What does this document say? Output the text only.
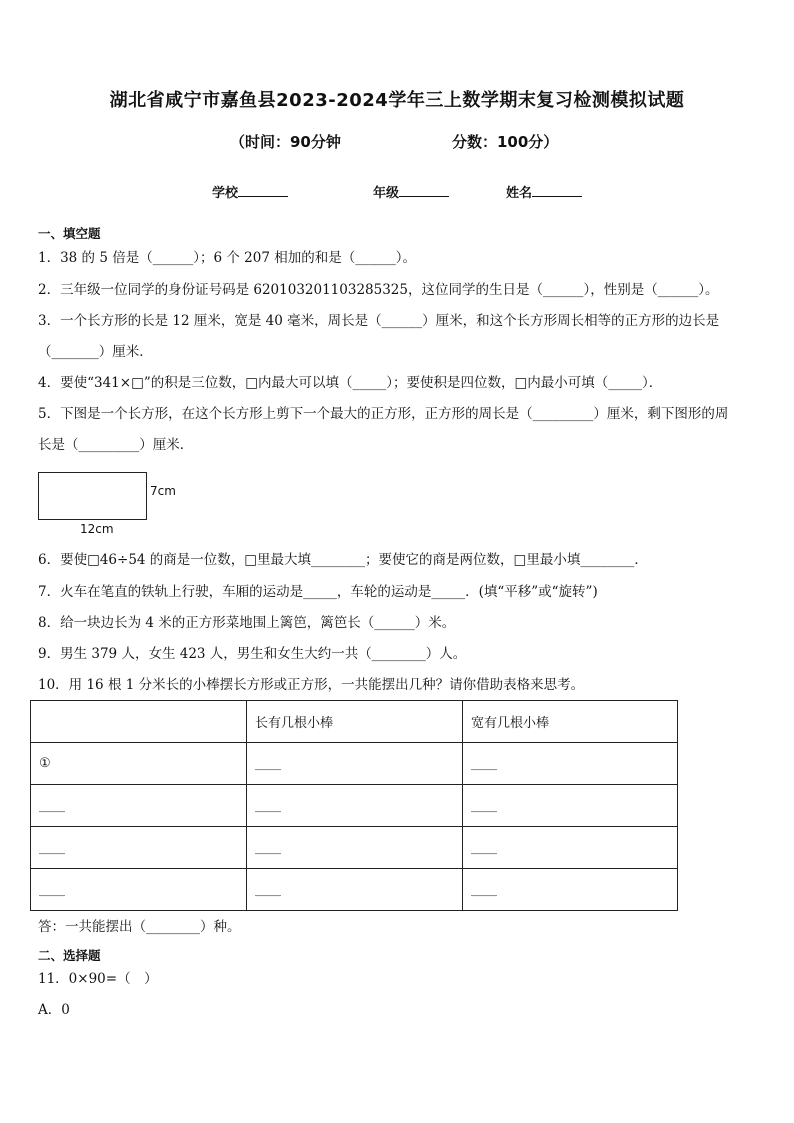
湖北省咸宁市嘉鱼县2023-2024学年三上数学期末复习检测模拟试题
（时间：90分钟	分数：100分）
学校	年级	姓名
一、填空题
1．38 的 5 倍是（______）；6 个 207 相加的和是（______）。
2．三年级一位同学的身份证号码是 620103201103285325，这位同学的生日是（______），性别是（______）。
3．一个长方形的长是 12 厘米，宽是 40 毫米，周长是（______）厘米，和这个长方形周长相等的正方形的边长是
（_______）厘米．
4．要使“341×□”的积是三位数，□内最大可以填（_____）；要使积是四位数，□内最小可填（_____）．
5．下图是一个长方形，在这个长方形上剪下一个最大的正方形，正方形的周长是（_________）厘米，剩下图形的周
长是（_________）厘米．
7cm
12cm
6．要使□46÷54 的商是一位数，□里最大填________；要使它的商是两位数，□里最小填________．
7．火车在笔直的铁轨上行驶，车厢的运动是_____，车轮的运动是_____．(填“平移”或“旋转”)
8．给一块边长为 4 米的正方形菜地围上篱笆，篱笆长（______）米。
9．男生 379 人，女生 423 人，男生和女生大约一共（________）人。
10．用 16 根 1 分米长的小棒摆长方形或正方形，一共能摆出几种？请你借助表格来思考。
	长有几根小棒	宽有几根小棒
①	____	____
____	____	____
____	____	____
____	____	____
答：一共能摆出（________）种。
二、选择题
11．0×90=（　）
A．0
